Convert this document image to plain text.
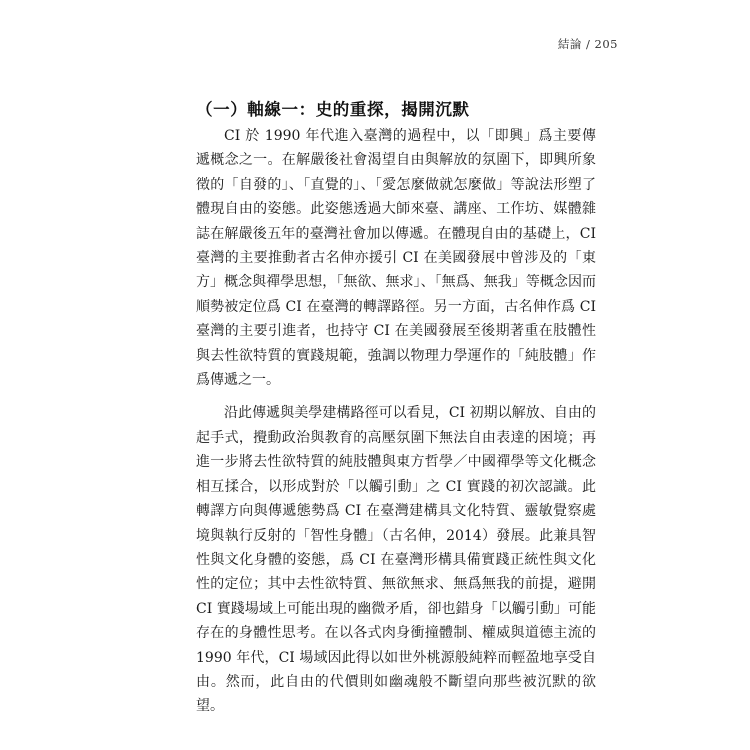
結論 / 205
（一）軸線一：史的重探，揭開沉默

CI 於 1990 年代進入臺灣的過程中，以「即興」爲主要傳遞概念之一。在解嚴後社會渴望自由與解放的氛圍下，即興所象徵的「自發的」、「直覺的」、「愛怎麼做就怎麼做」等說法形塑了體現自由的姿態。此姿態透過大師來臺、講座、工作坊、媒體雜誌在解嚴後五年的臺灣社會加以傳遞。在體現自由的基礎上，CI 臺灣的主要推動者古名伸亦援引 CI 在美國發展中曾涉及的「東方」概念與禪學思想，「無欲、無求」、「無爲、無我」等概念因而順勢被定位爲 CI 在臺灣的轉譯路徑。另一方面，古名伸作爲 CI 臺灣的主要引進者，也持守 CI 在美國發展至後期著重在肢體性與去性欲特質的實踐規範，強調以物理力學運作的「純肢體」作爲傳遞之一。

沿此傳遞與美學建構路徑可以看見，CI 初期以解放、自由的起手式，攪動政治與教育的高壓氛圍下無法自由表達的困境；再進一步將去性欲特質的純肢體與東方哲學／中國禪學等文化概念相互揉合，以形成對於「以觸引動」之 CI 實踐的初次認識。此轉譯方向與傳遞態勢爲 CI 在臺灣建構具文化特質、靈敏覺察處境與執行反射的「智性身體」（古名伸，2014）發展。此兼具智性與文化身體的姿態，爲 CI 在臺灣形構具備實踐正統性與文化性的定位；其中去性欲特質、無欲無求、無爲無我的前提，避開 CI 實踐場域上可能出現的幽微矛盾，卻也錯身「以觸引動」可能存在的身體性思考。在以各式肉身衝撞體制、權威與道德主流的 1990 年代，CI 場域因此得以如世外桃源般純粹而輕盈地享受自由。然而，此自由的代價則如幽魂般不斷望向那些被沉默的欲望。
